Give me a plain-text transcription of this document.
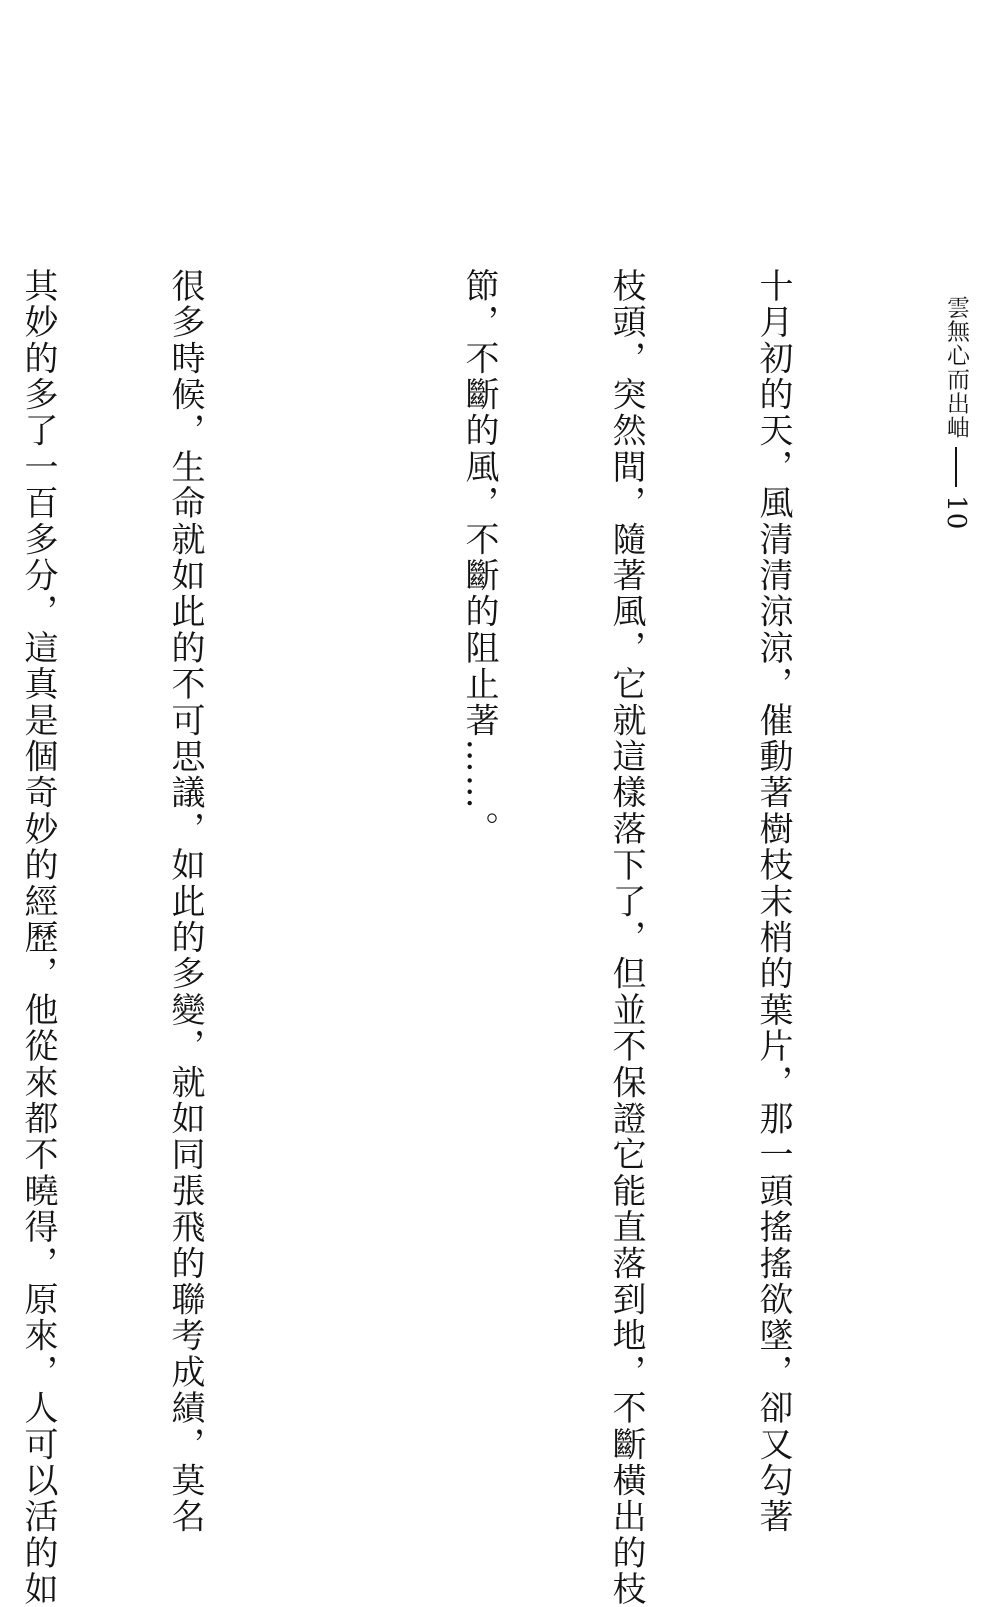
雲無心而出岫10

十月初的天，風清清涼涼，催動著樹枝末梢的葉片，那一頭搖搖欲墜，卻又勾著

枝頭，突然間，隨著風，它就這樣落下了，但並不保證它能直落到地，不斷橫出的枝

節，不斷的風，不斷的阻止著……。

很多時候，生命就如此的不可思議，如此的多變，就如同張飛的聯考成績，莫名

其妙的多了一百多分，這真是個奇妙的經歷，他從來都不曉得，原來，人可以活的如
